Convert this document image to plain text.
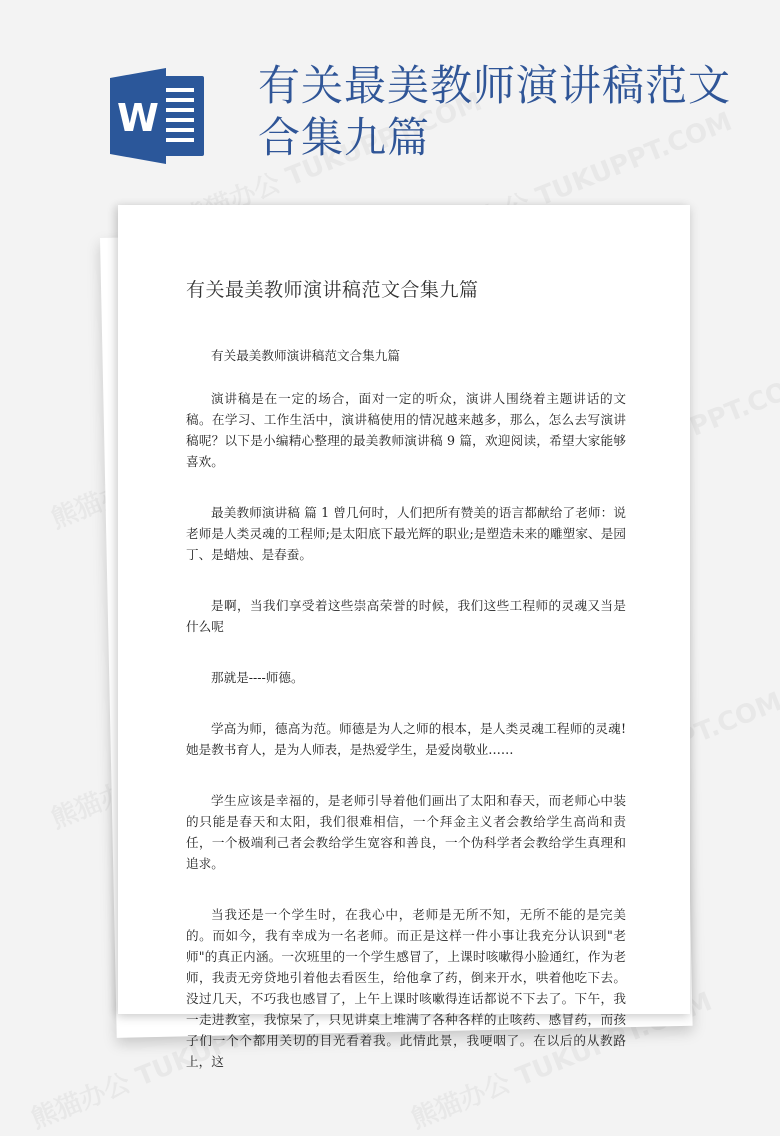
W
有关最美教师演讲稿范文合集九篇
有关最美教师演讲稿范文合集九篇

有关最美教师演讲稿范文合集九篇

演讲稿是在一定的场合，面对一定的听众，演讲人围绕着主题讲话的文稿。在学习、工作生活中，演讲稿使用的情况越来越多，那么，怎么去写演讲稿呢？以下是小编精心整理的最美教师演讲稿 9 篇，欢迎阅读，希望大家能够喜欢。

最美教师演讲稿 篇 1 曾几何时，人们把所有赞美的语言都献给了老师：说老师是人类灵魂的工程师;是太阳底下最光辉的职业;是塑造未来的雕塑家、是园丁、是蜡烛、是春蚕。

是啊，当我们享受着这些崇高荣誉的时候，我们这些工程师的灵魂又当是什么呢

那就是----师德。

学高为师，德高为范。师德是为人之师的根本，是人类灵魂工程师的灵魂!她是教书育人，是为人师表，是热爱学生，是爱岗敬业……

学生应该是幸福的，是老师引导着他们画出了太阳和春天，而老师心中装的只能是春天和太阳，我们很难相信，一个拜金主义者会教给学生高尚和责任，一个极端利己者会教给学生宽容和善良，一个伪科学者会教给学生真理和追求。

当我还是一个学生时，在我心中，老师是无所不知，无所不能的是完美的。而如今，我有幸成为一名老师。而正是这样一件小事让我充分认识到"老师"的真正内涵。一次班里的一个学生感冒了，上课时咳嗽得小脸通红，作为老师，我责无旁贷地引着他去看医生，给他拿了药，倒来开水，哄着他吃下去。没过几天，不巧我也感冒了，上午上课时咳嗽得连话都说不下去了。下午，我一走进教室，我惊呆了，只见讲桌上堆满了各种各样的止咳药、感冒药，而孩子们一个个都用关切的目光看着我。此情此景，我哽咽了。在以后的从教路上，这
